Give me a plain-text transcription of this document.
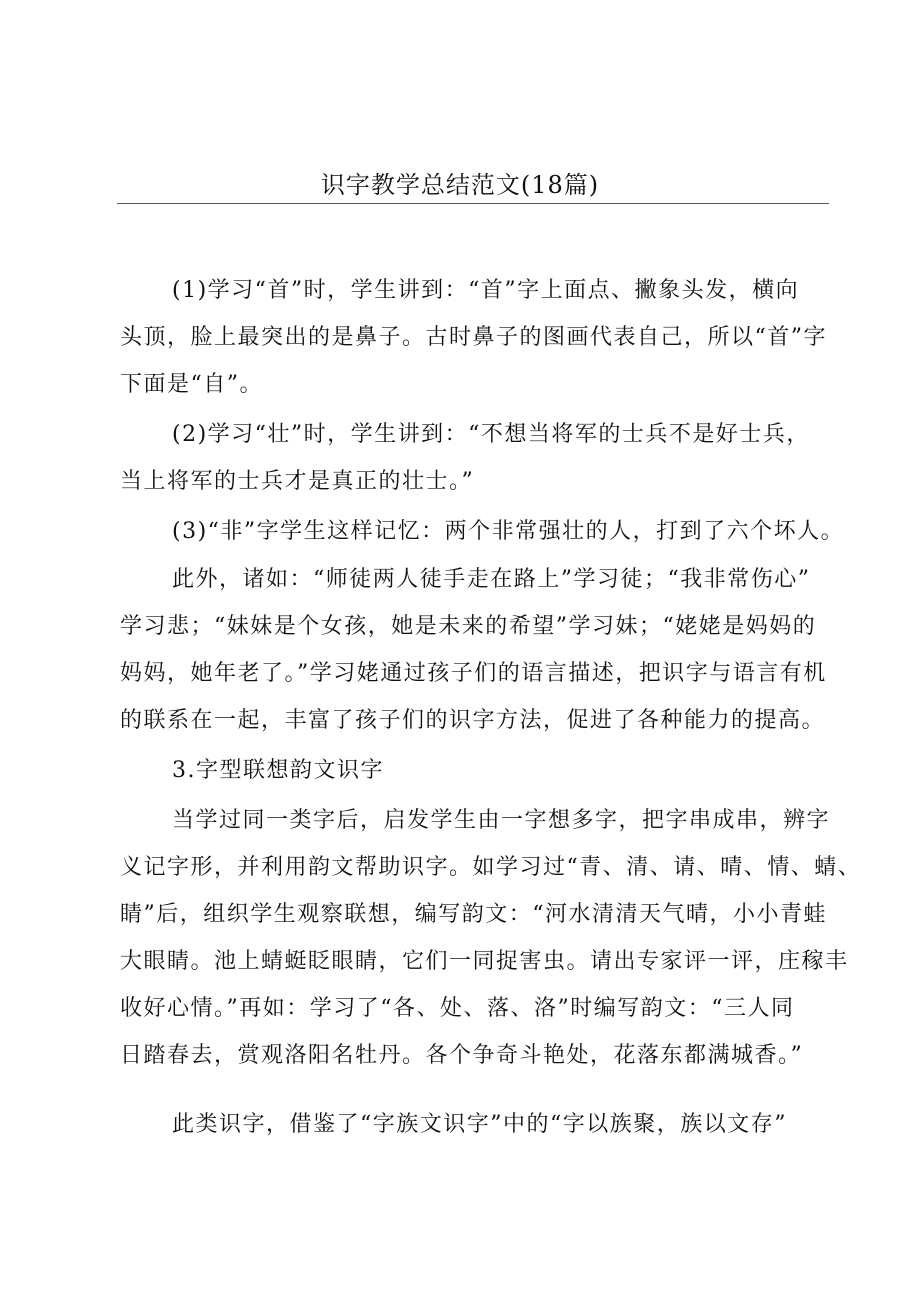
识字教学总结范文(18篇)
(1)学习“首”时，学生讲到：“首”字上面点、撇象头发，横向
头顶，脸上最突出的是鼻子。古时鼻子的图画代表自己，所以“首”字
下面是“自”。
(2)学习“壮”时，学生讲到：“不想当将军的士兵不是好士兵，
当上将军的士兵才是真正的壮士。”
(3)“非”字学生这样记忆：两个非常强壮的人，打到了六个坏人。
此外，诸如：“师徒两人徒手走在路上”学习徒；“我非常伤心”
学习悲；“妹妹是个女孩，她是未来的希望”学习妹；“姥姥是妈妈的
妈妈，她年老了。”学习姥通过孩子们的语言描述，把识字与语言有机
的联系在一起，丰富了孩子们的识字方法，促进了各种能力的提高。
3.字型联想韵文识字
当学过同一类字后，启发学生由一字想多字，把字串成串，辨字
义记字形，并利用韵文帮助识字。如学习过“青、清、请、晴、情、蜻、
睛”后，组织学生观察联想，编写韵文：“河水清清天气晴，小小青蛙
大眼睛。池上蜻蜓眨眼睛，它们一同捉害虫。请出专家评一评，庄稼丰
收好心情。”再如：学习了“各、处、落、洛”时编写韵文：“三人同
日踏春去，赏观洛阳名牡丹。各个争奇斗艳处，花落东都满城香。”
此类识字，借鉴了“字族文识字”中的“字以族聚，族以文存”
